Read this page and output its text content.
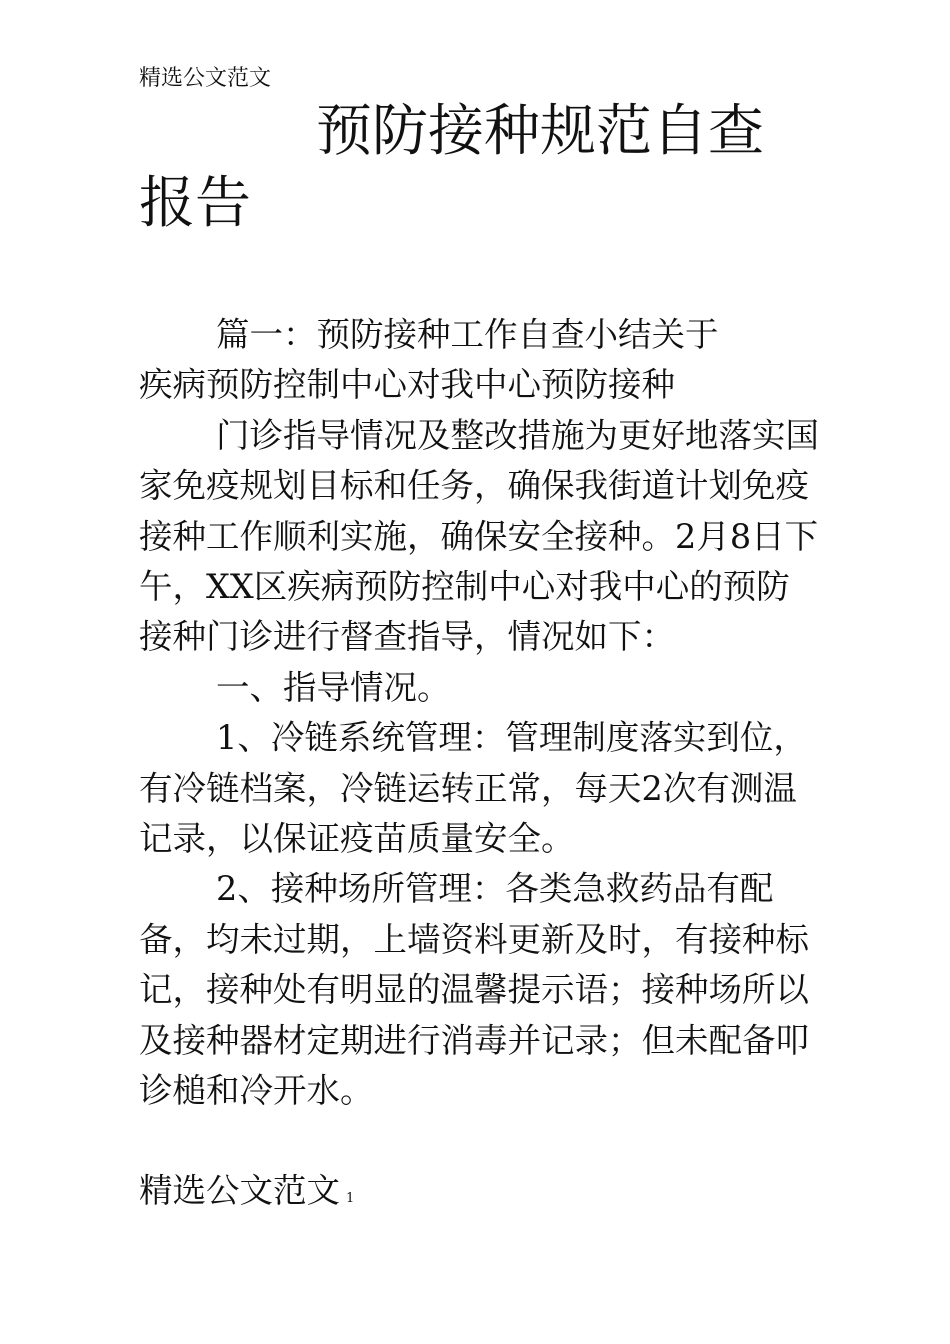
精选公文范文
预防接种规范自查报告

篇一：预防接种工作自查小结关于
疾病预防控制中心对我中心预防接种

门诊指导情况及整改措施为更好地落实国家免疫规划目标和任务，确保我街道计划免疫接种工作顺利实施，确保安全接种。2月8日下午，XX区疾病预防控制中心对我中心的预防接种门诊进行督查指导，情况如下：

一、指导情况。

1、冷链系统管理：管理制度落实到位，有冷链档案，冷链运转正常，每天2次有测温记录，以保证疫苗质量安全。

2、接种场所管理：各类急救药品有配备，均未过期，上墙资料更新及时，有接种标记，接种处有明显的温馨提示语；接种场所以及接种器材定期进行消毒并记录；但未配备叩诊槌和冷开水。

精选公文范文 1
